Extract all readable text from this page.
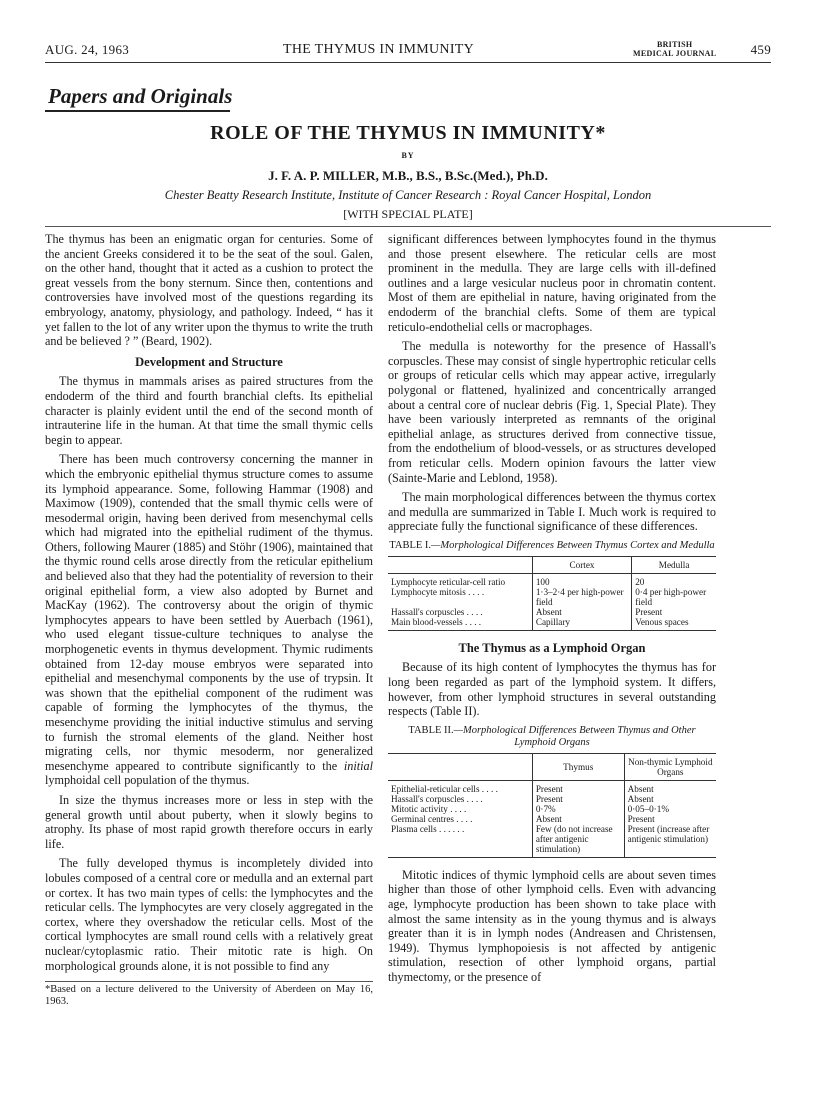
AUG. 24, 1963	THE THYMUS IN IMMUNITY	BRITISH
MEDICAL JOURNAL	459
Papers and Originals
ROLE OF THE THYMUS IN IMMUNITY*
BY
J. F. A. P. MILLER, M.B., B.S., B.Sc.(Med.), Ph.D.
Chester Beatty Research Institute, Institute of Cancer Research : Royal Cancer Hospital, London
[WITH SPECIAL PLATE]

The thymus has been an enigmatic organ for centuries. Some of the ancient Greeks considered it to be the seat of the soul. Galen, on the other hand, thought that it acted as a cushion to protect the great vessels from the bony sternum. Since then, contentions and controversies have involved most of the questions regarding its embryology, anatomy, physiology, and pathology. Indeed, “ has it yet fallen to the lot of any writer upon the thymus to write the truth and be believed ? ” (Beard, 1902).

Development and Structure

The thymus in mammals arises as paired structures from the endoderm of the third and fourth branchial clefts. Its epithelial character is plainly evident until the end of the second month of intrauterine life in the human. At that time the small thymic cells begin to appear.

There has been much controversy concerning the manner in which the embryonic epithelial thymus structure comes to assume its lymphoid appearance. Some, following Hammar (1908) and Maximow (1909), contended that the small thymic cells were of mesodermal origin, having been derived from mesenchymal cells which had migrated into the epithelial rudiment of the thymus. Others, following Maurer (1885) and Stöhr (1906), maintained that the thymic round cells arose directly from the reticular epithelium and believed also that they had the potentiality of reversion to their original epithelial form, a view also adopted by Burnet and MacKay (1962). The controversy about the origin of thymic lymphocytes appears to have been settled by Auerbach (1961), who used elegant tissue-culture techniques to analyse the morphogenetic events in thymus development. Thymic rudiments obtained from 12-day mouse embryos were separated into epithelial and mesenchymal components by the use of trypsin. It was shown that the epithelial component of the rudiment was capable of forming the lymphocytes of the thymus, the mesenchyme providing the initial inductive stimulus and serving to furnish the stromal elements of the gland. Neither host migrating cells, nor thymic mesoderm, nor generalized mesenchyme appeared to contribute significantly to the initial lymphoidal cell population of the thymus.

In size the thymus increases more or less in step with the general growth until about puberty, when it slowly begins to atrophy. Its phase of most rapid growth therefore occurs in early life.

The fully developed thymus is incompletely divided into lobules composed of a central core or medulla and an external part or cortex. It has two main types of cells: the lymphocytes and the reticular cells. The lymphocytes are very closely aggregated in the cortex, where they overshadow the reticular cells. Most of the cortical lymphocytes are small round cells with a relatively great nuclear/cytoplasmic ratio. Their mitotic rate is high. On morphological grounds alone, it is not possible to find any

*Based on a lecture delivered to the University of Aberdeen on May 16, 1963.

significant differences between lymphocytes found in the thymus and those present elsewhere. The reticular cells are most prominent in the medulla. They are large cells with ill-defined outlines and a large vesicular nucleus poor in chromatin content. Most of them are epithelial in nature, having originated from the endoderm of the branchial clefts. Some of them are typical reticulo-endothelial cells or macrophages.

The medulla is noteworthy for the presence of Hassall's corpuscles. These may consist of single hypertrophic reticular cells or groups of reticular cells which may appear active, irregularly polygonal or flattened, hyalinized and concentrically arranged about a central core of nuclear debris (Fig. 1, Special Plate). They have been variously interpreted as remnants of the original epithelial anlage, as structures derived from connective tissue, from the endothelium of blood-vessels, or as structures developed from reticular cells. Modern opinion favours the latter view (Sainte-Marie and Leblond, 1958).

The main morphological differences between the thymus cortex and medulla are summarized in Table I. Much work is required to appreciate fully the functional significance of these differences.

TABLE I.—Morphological Differences Between Thymus Cortex and Medulla
	Cortex	Medulla
Lymphocyte reticular-cell ratio	100	20
Lymphocyte mitosis . . . .	1·3–2·4 per high-power field	0·4 per high-power field
Hassall's corpuscles . . . .	Absent	Present
Main blood-vessels . . . .	Capillary	Venous spaces
The Thymus as a Lymphoid Organ

Because of its high content of lymphocytes the thymus has for long been regarded as part of the lymphoid system. It differs, however, from other lymphoid structures in several outstanding respects (Table II).

TABLE II.—Morphological Differences Between Thymus and Other Lymphoid Organs
	Thymus	Non-thymic Lymphoid Organs
Epithelial-reticular cells . . . .	Present	Absent
Hassall's corpuscles . . . .	Present	Absent
Mitotic activity . . . .	0·7%	0·05–0·1%
Germinal centres . . . .	Absent	Present
Plasma cells . . . . . .	Few (do not increase after antigenic stimulation)	Present (increase after antigenic stimulation)

Mitotic indices of thymic lymphoid cells are about seven times higher than those of other lymphoid cells. Even with advancing age, lymphocyte production has been shown to take place with almost the same intensity as in the young thymus and is always greater than it is in lymph nodes (Andreasen and Christensen, 1949). Thymus lymphopoiesis is not affected by antigenic stimulation, resection of other lymphoid organs, partial thymectomy, or the presence of
